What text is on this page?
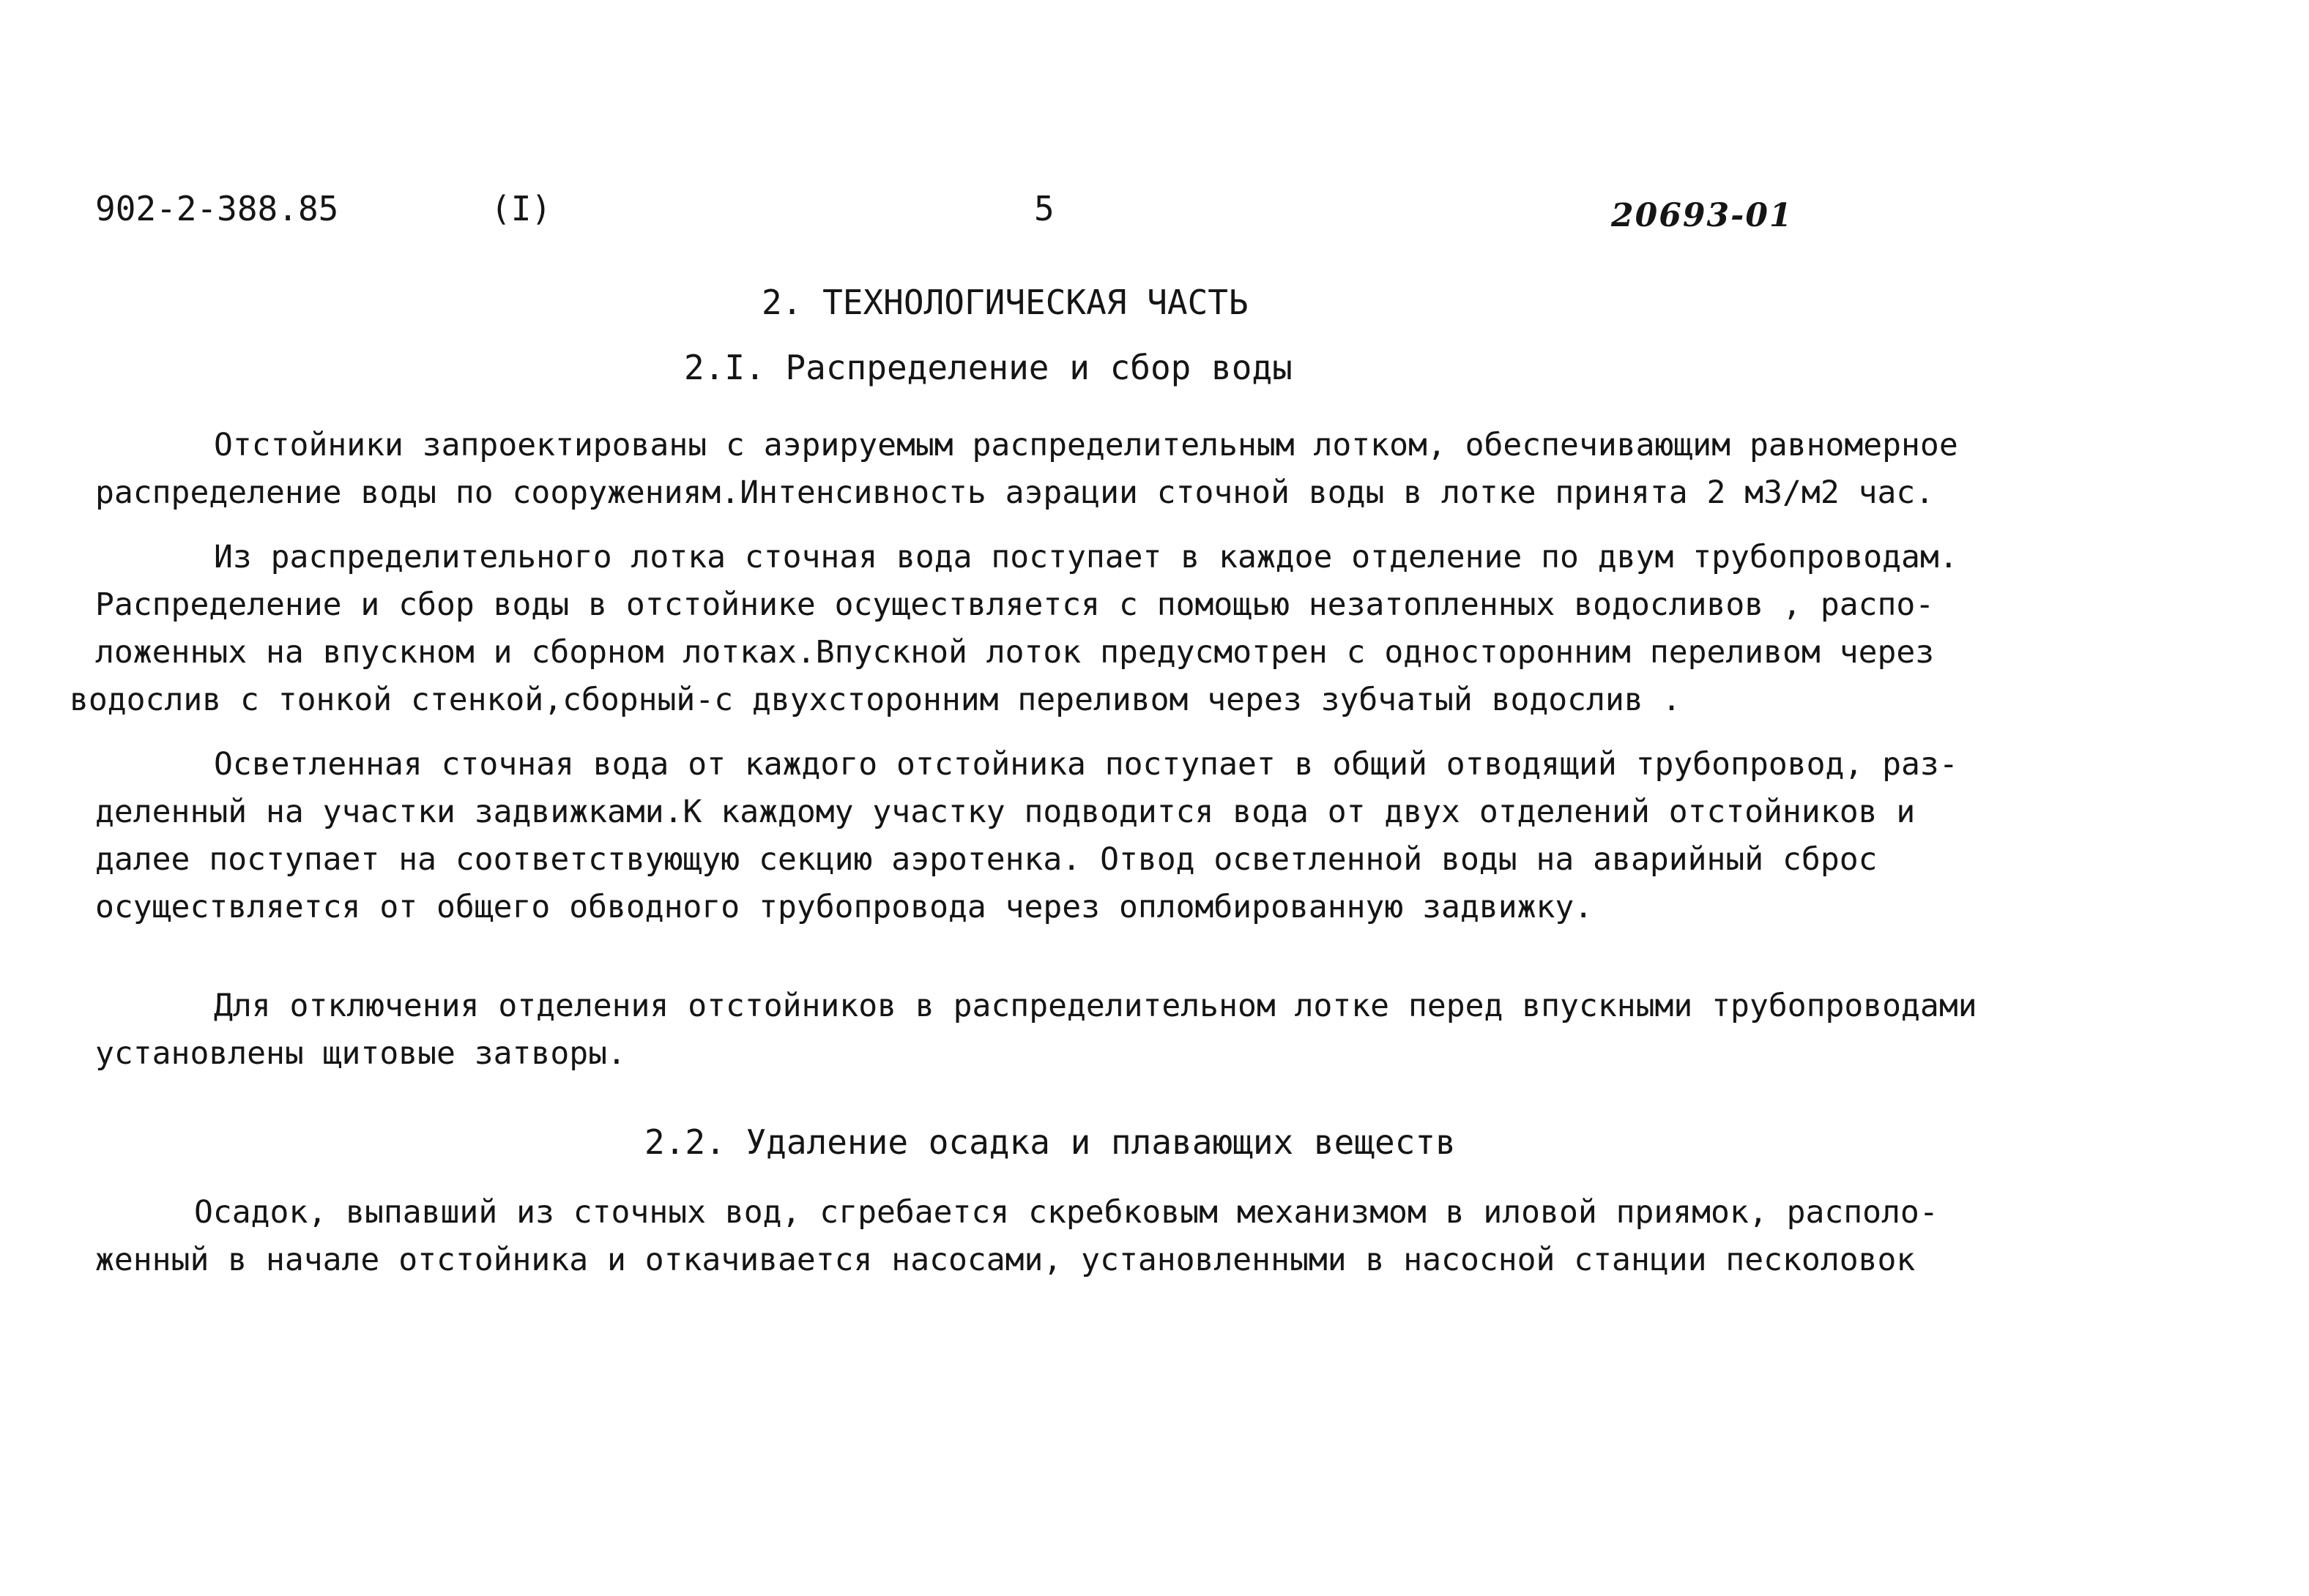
902-2-388.85	(I)	5	20693-01
2. ТЕХНОЛОГИЧЕСКАЯ ЧАСТЬ
2.I. Распределение и сбор воды
Отстойники запроектированы с аэрируемым распределительным лотком, обеспечивающим равномерное
распределение воды по сооружениям.Интенсивность аэрации сточной воды в лотке принята 2 м3/м2 час.
Из распределительного лотка сточная вода поступает в каждое отделение по двум трубопроводам.
Распределение и сбор воды в отстойнике осуществляется с помощью незатопленных водосливов , распо-
ложенных на впускном и сборном лотках.Впускной лоток предусмотрен с односторонним переливом через
водослив с тонкой стенкой,сборный-с двухсторонним переливом через зубчатый водослив .
Осветленная сточная вода от каждого отстойника поступает в общий отводящий трубопровод, раз-
деленный на участки задвижками.К каждому участку подводится вода от двух отделений отстойников и
далее поступает на соответствующую секцию аэротенка. Отвод осветленной воды на аварийный сброс
осуществляется от общего обводного трубопровода через опломбированную задвижку.
Для отключения отделения отстойников в распределительном лотке перед впускными трубопроводами
установлены щитовые затворы.
2.2. Удаление осадка и плавающих веществ
Осадок, выпавший из сточных вод, сгребается скребковым механизмом в иловой приямок, располо-
женный в начале отстойника и откачивается насосами, установленными в насосной станции песколовок
